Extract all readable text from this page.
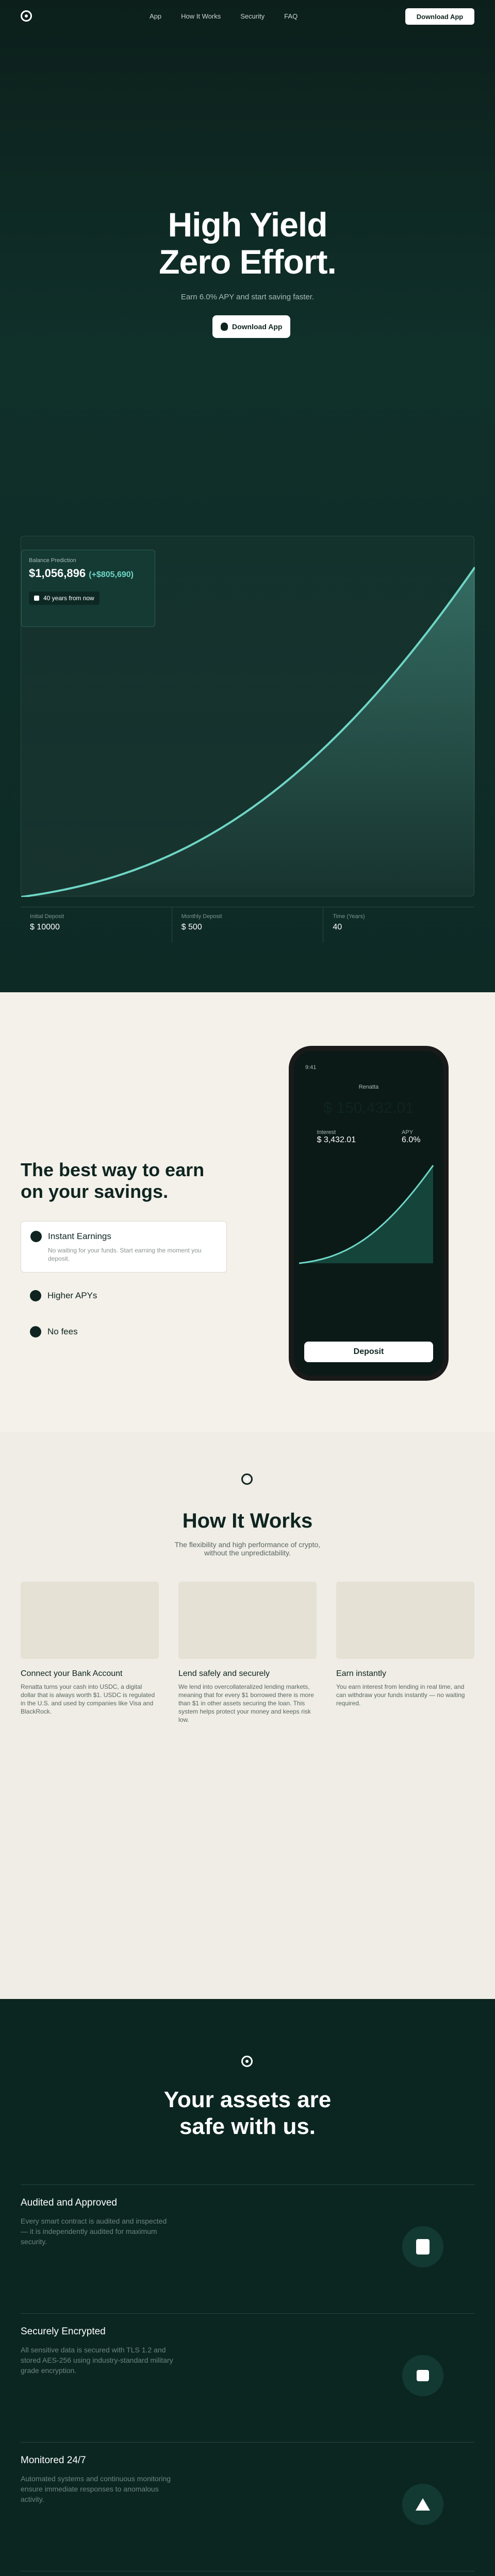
App	How It Works	Security	FAQ	Download App
High Yield
Zero Effort.
Earn 6.0% APY and start saving faster.
Download App
Balance Prediction
$1,056,896 (+$805,690)
40 years from now
Initial Deposit
$ 10000
Monthly Deposit
$ 500
Time (Years)
40
The best way to earn on your savings.
Instant Earnings
No waiting for your funds. Start earning the moment you deposit.
Higher APYs
No fees
9:41
Renatta
$ 150,432.01
Interest
$ 3,432.01
APY
6.0%
Deposit
How It Works
The flexibility and high performance of crypto, without the unpredictability.
Connect your Bank Account
Renatta turns your cash into USDC, a digital dollar that is always worth $1. USDC is regulated in the U.S. and used by companies like Visa and BlackRock.
Lend safely and securely
We lend into overcollateralized lending markets, meaning that for every $1 borrowed there is more than $1 in other assets securing the loan. This system helps protect your money and keeps risk low.
Earn instantly
You earn interest from lending in real time, and can withdraw your funds instantly — no waiting required.
Your assets are
safe with us.
Audited and Approved
Every smart contract is audited and inspected — it is independently audited for maximum security.
Securely Encrypted
All sensitive data is secured with TLS 1.2 and stored AES-256 using industry-standard military grade encryption.
Monitored 24/7
Automated systems and continuous monitoring ensure immediate responses to anomalous activity.
